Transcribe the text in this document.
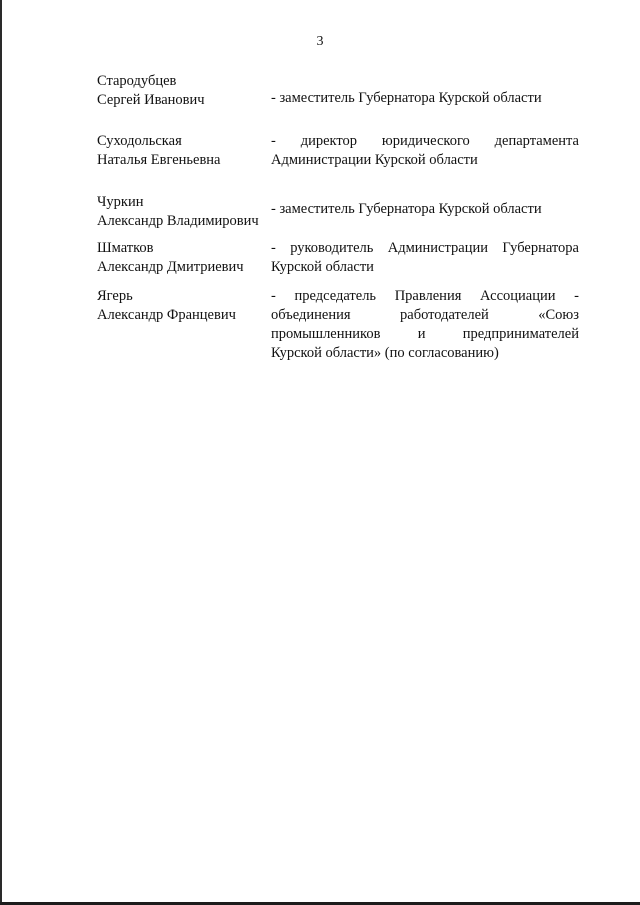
3
Стародубцев
Сергей Иванович	- заместитель Губернатора Курской области
Суходольская
Наталья Евгеньевна
- директор юридического департамента
Администрации Курской области
Чуркин
Александр Владимирович
- заместитель Губернатора Курской области
Шматков
Александр Дмитриевич
- руководитель Администрации Губернатора
Курской области
Ягерь
Александр Францевич
- председатель Правления Ассоциации -
объединения работодателей «Союз
промышленников и предпринимателей
Курской области» (по согласованию)
